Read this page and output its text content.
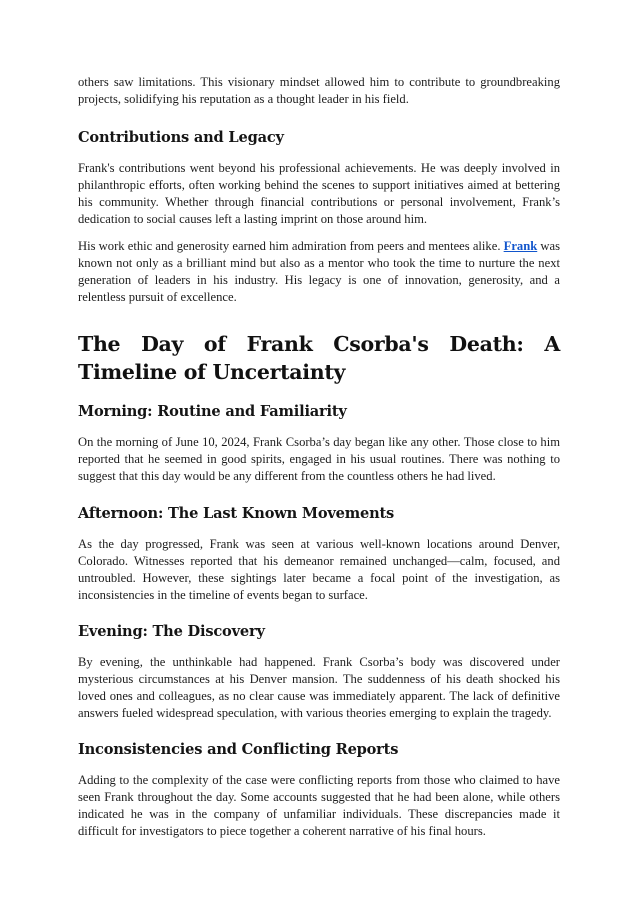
others saw limitations. This visionary mindset allowed him to contribute to groundbreaking projects, solidifying his reputation as a thought leader in his field.

Contributions and Legacy

Frank's contributions went beyond his professional achievements. He was deeply involved in philanthropic efforts, often working behind the scenes to support initiatives aimed at bettering his community. Whether through financial contributions or personal involvement, Frank’s dedication to social causes left a lasting imprint on those around him.

His work ethic and generosity earned him admiration from peers and mentees alike. Frank was known not only as a brilliant mind but also as a mentor who took the time to nurture the next generation of leaders in his industry. His legacy is one of innovation, generosity, and a relentless pursuit of excellence.

The Day of Frank Csorba's Death: A Timeline of Uncertainty
Morning: Routine and Familiarity

On the morning of June 10, 2024, Frank Csorba’s day began like any other. Those close to him reported that he seemed in good spirits, engaged in his usual routines. There was nothing to suggest that this day would be any different from the countless others he had lived.

Afternoon: The Last Known Movements

As the day progressed, Frank was seen at various well-known locations around Denver, Colorado. Witnesses reported that his demeanor remained unchanged—calm, focused, and untroubled. However, these sightings later became a focal point of the investigation, as inconsistencies in the timeline of events began to surface.

Evening: The Discovery

By evening, the unthinkable had happened. Frank Csorba’s body was discovered under mysterious circumstances at his Denver mansion. The suddenness of his death shocked his loved ones and colleagues, as no clear cause was immediately apparent. The lack of definitive answers fueled widespread speculation, with various theories emerging to explain the tragedy.

Inconsistencies and Conflicting Reports

Adding to the complexity of the case were conflicting reports from those who claimed to have seen Frank throughout the day. Some accounts suggested that he had been alone, while others indicated he was in the company of unfamiliar individuals. These discrepancies made it difficult for investigators to piece together a coherent narrative of his final hours.
